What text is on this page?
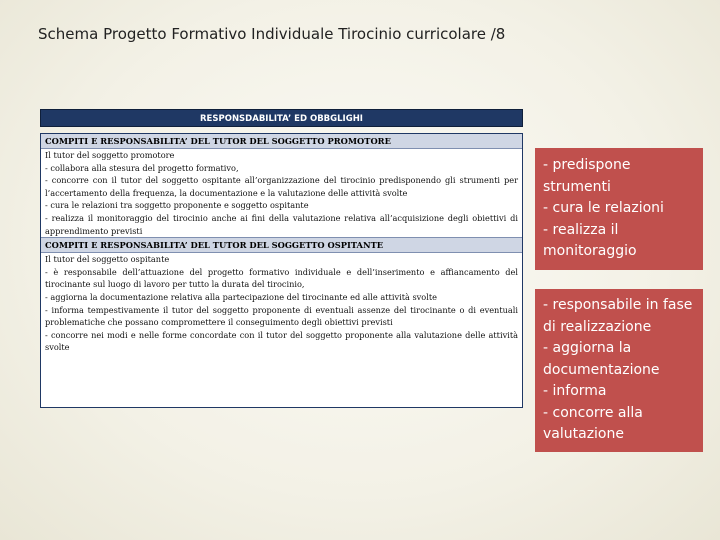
Schema Progetto Formativo Individuale Tirocinio curricolare /8
RESPONSDABILITA’ ED OBBGLIGHI
COMPITI E RESPONSABILITA’ DEL TUTOR DEL SOGGETTO PROMOTORE
Il tutor del soggetto promotore
- collabora alla stesura del progetto formativo,
- concorre con il tutor del soggetto ospitante all’organizzazione del tirocinio predisponendo gli strumenti per l’accertamento della frequenza, la documentazione e la valutazione delle attività svolte
- cura le relazioni tra soggetto proponente e soggetto ospitante
- realizza il monitoraggio del tirocinio anche ai fini della valutazione relativa all’acquisizione degli obiettivi di apprendimento previsti
COMPITI E RESPONSABILITA’ DEL TUTOR DEL SOGGETTO OSPITANTE
Il tutor del soggetto ospitante
- è responsabile dell’attuazione del progetto formativo individuale e dell’inserimento e affiancamento del tirocinante sul luogo di lavoro per tutto la durata del tirocinio,
- aggiorna la documentazione relativa alla partecipazione del tirocinante ed alle attività svolte
- informa tempestivamente il tutor del soggetto proponente di eventuali assenze del tirocinante o di eventuali problematiche che possano compromettere il conseguimento degli obiettivi previsti
- concorre nei modi e nelle forme concordate con il tutor del soggetto proponente alla valutazione delle attività svolte
- predispone strumenti
- cura le relazioni
- realizza il monitoraggio
- responsabile in fase di realizzazione
- aggiorna la documentazione
- informa
- concorre alla valutazione
